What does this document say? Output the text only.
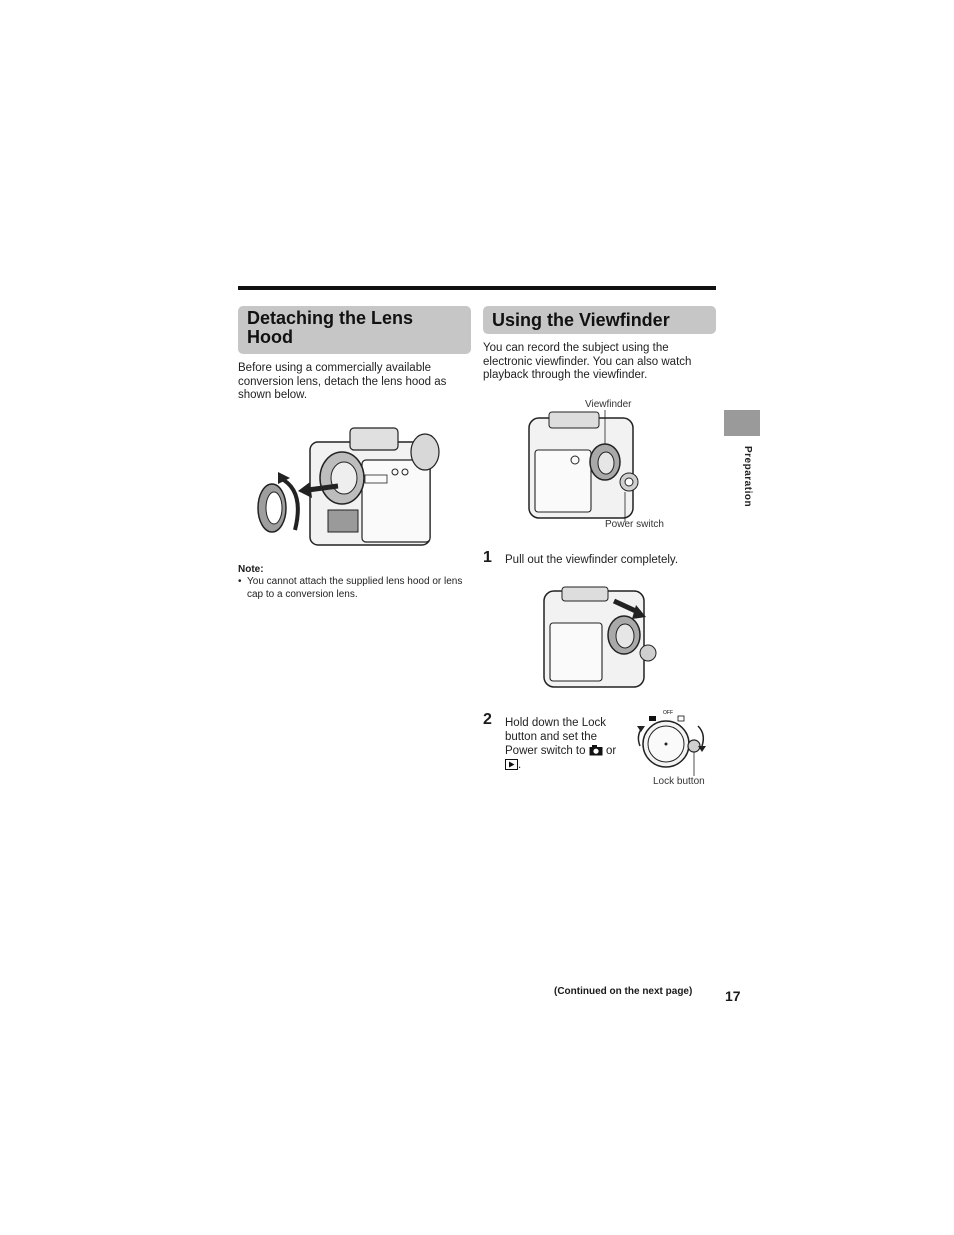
Detaching the Lens Hood
Before using a commercially available conversion lens, detach the lens hood as shown below.
Note:
• You cannot attach the supplied lens hood or lens cap to a conversion lens.
Using the Viewfinder
You can record the subject using the electronic viewfinder. You can also watch playback through the viewfinder.
Viewfinder
Power switch
1 Pull out the viewfinder completely.
2 Hold down the Lock button and set the Power switch to or .
OFF
Lock button
Preparation
(Continued on the next page) 17
